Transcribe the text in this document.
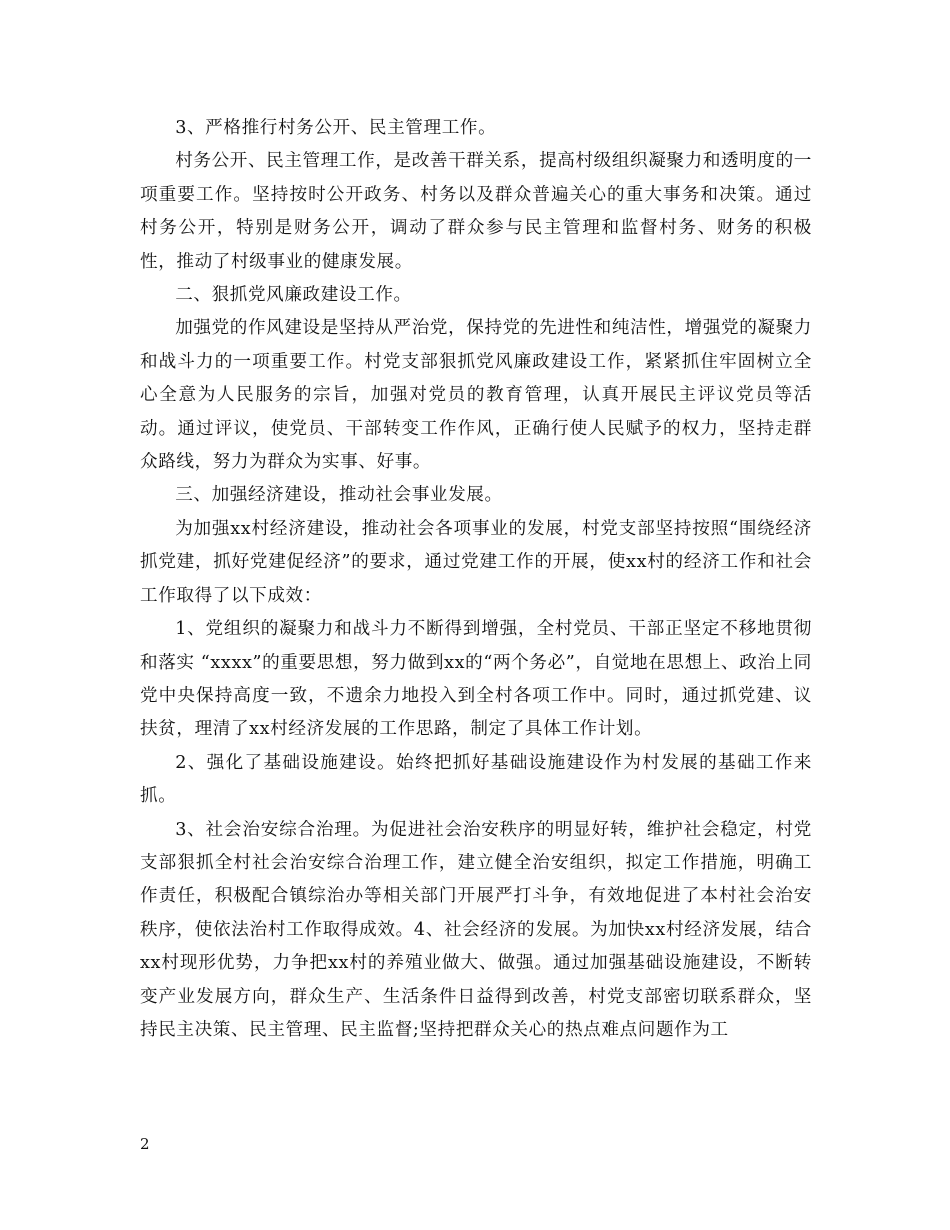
3、严格推行村务公开、民主管理工作。

村务公开、民主管理工作，是改善干群关系，提高村级组织凝聚力和透明度的一项重要工作。坚持按时公开政务、村务以及群众普遍关心的重大事务和决策。通过村务公开，特别是财务公开，调动了群众参与民主管理和监督村务、财务的积极性，推动了村级事业的健康发展。

二、狠抓党风廉政建设工作。

加强党的作风建设是坚持从严治党，保持党的先进性和纯洁性，增强党的凝聚力和战斗力的一项重要工作。村党支部狠抓党风廉政建设工作，紧紧抓住牢固树立全心全意为人民服务的宗旨，加强对党员的教育管理，认真开展民主评议党员等活动。通过评议，使党员、干部转变工作作风，正确行使人民赋予的权力，坚持走群众路线，努力为群众为实事、好事。

三、加强经济建设，推动社会事业发展。

为加强xx村经济建设，推动社会各项事业的发展，村党支部坚持按照“围绕经济抓党建，抓好党建促经济”的要求，通过党建工作的开展，使xx村的经济工作和社会工作取得了以下成效：

1、党组织的凝聚力和战斗力不断得到增强，全村党员、干部正坚定不移地贯彻和落实 “xxxx”的重要思想，努力做到xx的“两个务必”，自觉地在思想上、政治上同党中央保持高度一致，不遗余力地投入到全村各项工作中。同时，通过抓党建、议扶贫，理清了xx村经济发展的工作思路，制定了具体工作计划。

2、强化了基础设施建设。始终把抓好基础设施建设作为村发展的基础工作来抓。

3、社会治安综合治理。为促进社会治安秩序的明显好转，维护社会稳定，村党支部狠抓全村社会治安综合治理工作，建立健全治安组织，拟定工作措施，明确工作责任，积极配合镇综治办等相关部门开展严打斗争，有效地促进了本村社会治安秩序，使依法治村工作取得成效。4、社会经济的发展。为加快xx村经济发展，结合xx村现形优势，力争把xx村的养殖业做大、做强。通过加强基础设施建设，不断转变产业发展方向，群众生产、生活条件日益得到改善，村党支部密切联系群众，坚持民主决策、民主管理、民主监督;坚持把群众关心的热点难点问题作为工

2
